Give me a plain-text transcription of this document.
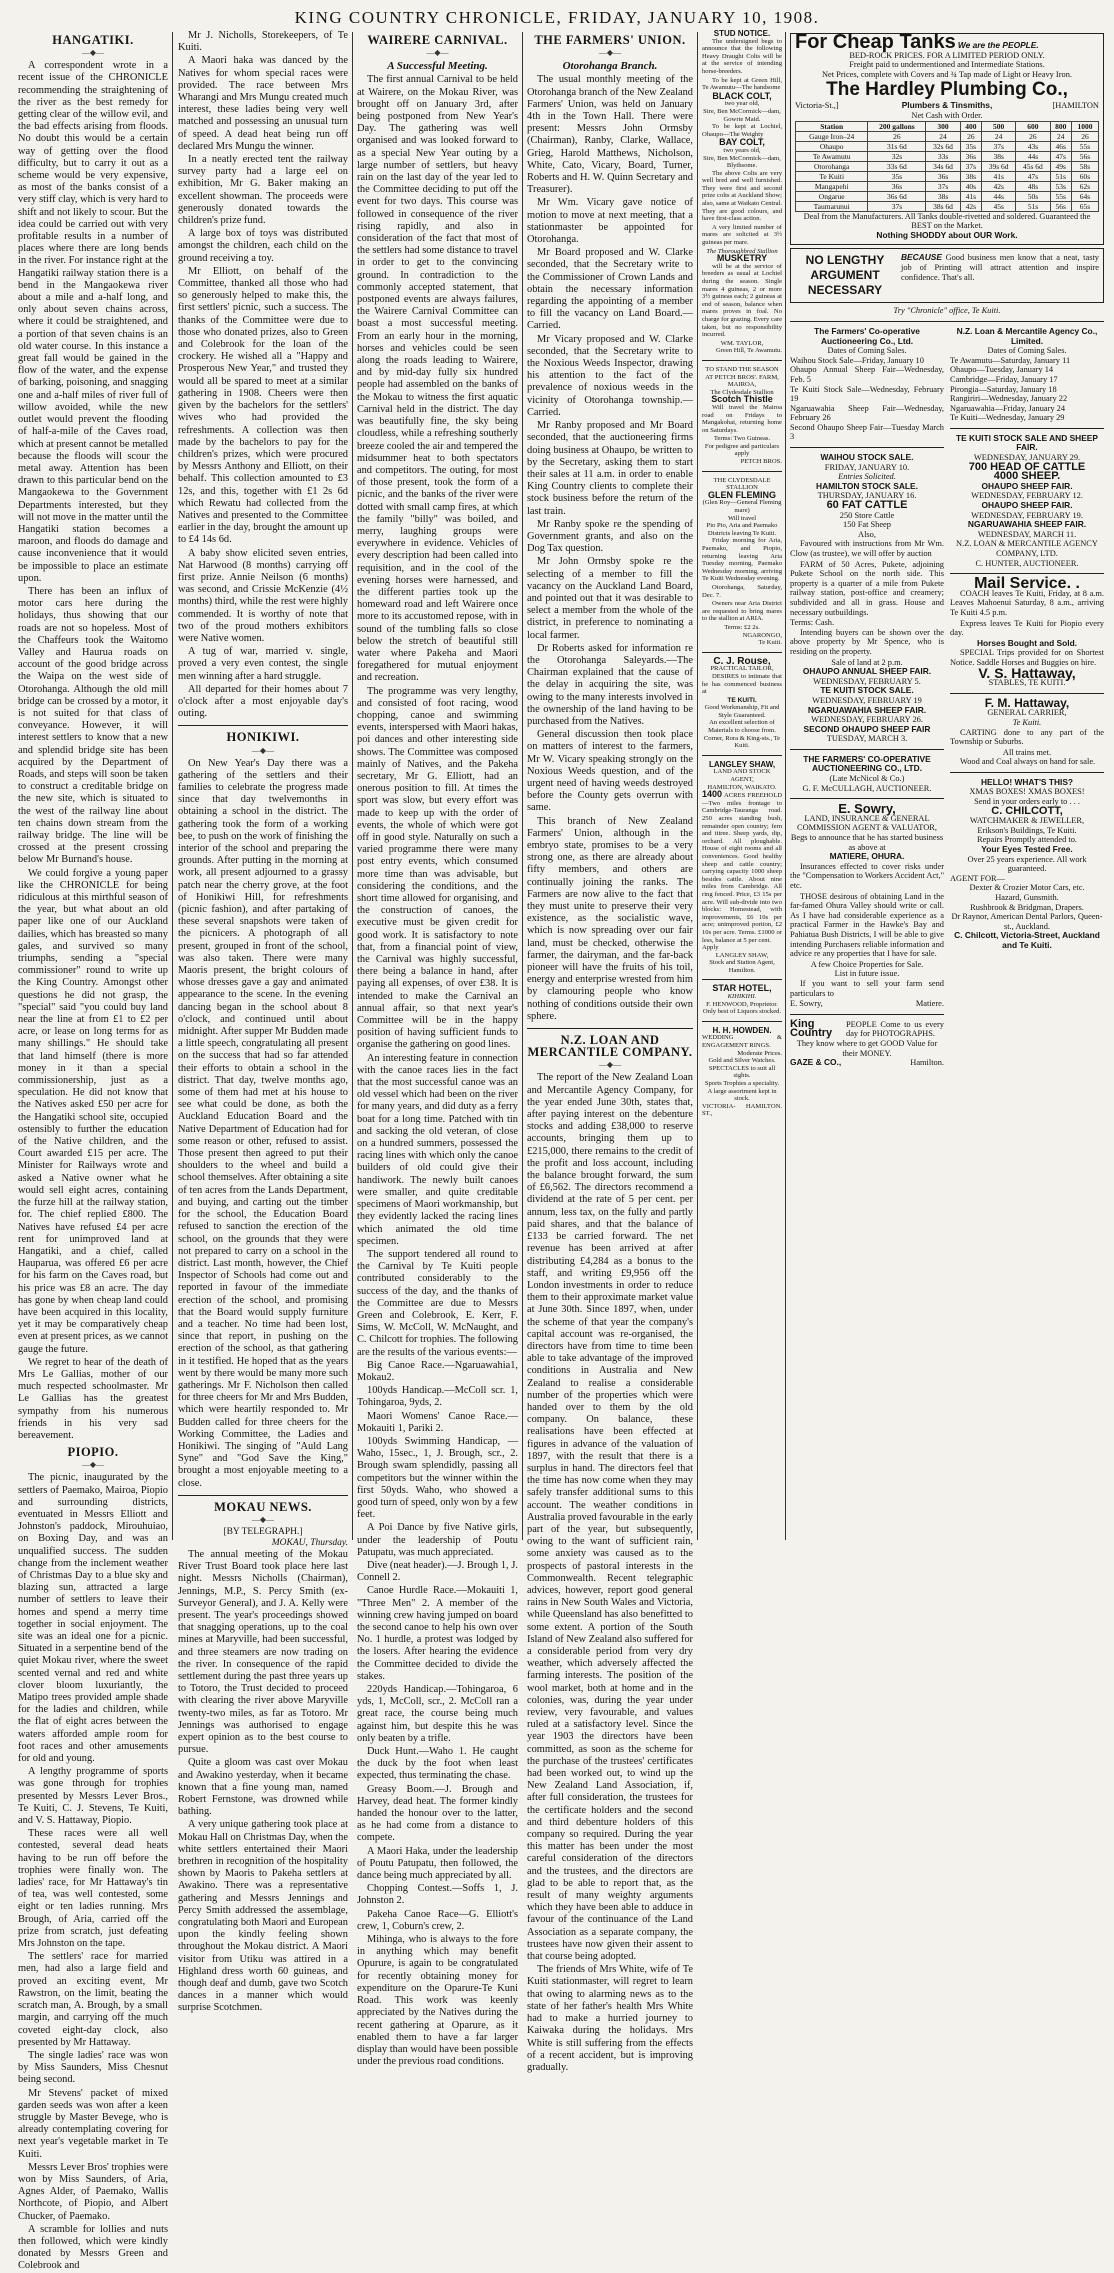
KING COUNTRY CHRONICLE, FRIDAY, JANUARY 10, 1908.
HANGATIKI.
—◆—
A correspondent wrote in a recent issue of the CHRONICLE recommending the straightening of the river as the best remedy for getting clear of the willow evil, and the bad effects arising from floods. No doubt this would be a certain way of getting over the flood difficulty, but to carry it out as a scheme would be very expensive, as most of the banks consist of a very stiff clay, which is very hard to shift and not likely to scour. But the idea could be carried out with very profitable results in a number of places where there are long bends in the river. For instance right at the Hangatiki railway station there is a bend in the Mangaokewa river about a mile and a-half long, and only about seven chains across, where it could be straightened, and a portion of that seven chains is an old water course. In this instance a great fall would be gained in the flow of the water, and the expense of barking, poisoning, and snagging one and a-half miles of river full of willow avoided, while the new outlet would prevent the flooding of half-a-mile of the Caves road, which at present cannot be metalled because the floods will scour the metal away. Attention has been drawn to this particular bend on the Mangaokewa to the Government Departments interested, but they will not move in the matter until the Hangatiki station becomes a maroon, and floods do damage and cause inconvenience that it would be impossible to place an estimate upon.
There has been an influx of motor cars here during the holidays, thus showing that our roads are not so hopeless. Most of the Chaffeurs took the Waitomo Valley and Haurua roads on account of the good bridge across the Waipa on the west side of Otorohanga. Although the old mill bridge can be crossed by a motor, it is not suited for that class of conveyance. However, it will interest settlers to know that a new and splendid bridge site has been acquired by the Department of Roads, and steps will soon be taken to construct a creditable bridge on the new site, which is situated to the west of the railway line about ten chains down stream from the railway bridge. The line will be crossed at the present crossing below Mr Burnand's house.
We could forgive a young paper like the CHRONICLE for being ridiculous at this mirthful season of the year, but what about an old paper like one of our Auckland dailies, which has breasted so many gales, and survived so many triumphs, sending a "special commissioner" round to write up the King Country. Amongst other questions he did not grasp, the "special" said "you could buy land near the line at from £1 to £2 per acre, or lease on long terms for as many shillings." He should take that land himself (there is more money in it than a special commissionership, just as a speculation. He did not know that the Natives asked £50 per acre for the Hangatiki school site, occupied ostensibly to further the education of the Native children, and the Court awarded £15 per acre. The Minister for Railways wrote and asked a Native owner what he would sell eight acres, containing the furze hill at the railway station, for. The chief replied £800. The Natives have refused £4 per acre rent for unimproved land at Hangatiki, and a chief, called Hauparua, was offered £6 per acre for his farm on the Caves road, but his price was £8 an acre. The day has gone by when cheap land could have been acquired in this locality, yet it may be comparatively cheap even at present prices, as we cannot gauge the future.
We regret to hear of the death of Mrs Le Gallias, mother of our much respected schoolmaster. Mr Le Gallias has the greatest sympathy from his numerous friends in his very sad bereavement.
PIOPIO.
—◆—
The picnic, inaugurated by the settlers of Paemako, Mairoa, Piopio and surrounding districts, eventuated in Messrs Elliott and Johnston's paddock, Mirouhuiao, on Boxing Day, and was an unqualified success. The sudden change from the inclement weather of Christmas Day to a blue sky and blazing sun, attracted a large number of settlers to leave their homes and spend a merry time together in social enjoyment. The site was an ideal one for a picnic. Situated in a serpentine bend of the quiet Mokau river, where the sweet scented vernal and red and white clover bloom luxuriantly, the Matipo trees provided ample shade for the ladies and children, while the flat of eight acres between the waters afforded ample room for foot races and other amusements for old and young.
A lengthy programme of sports was gone through for trophies presented by Messrs Lever Bros., Te Kuiti, C. J. Stevens, Te Kuiti, and V. S. Hattaway, Piopio.
These races were all well contested, several dead heats having to be run off before the trophies were finally won. The ladies' race, for Mr Hattaway's tin of tea, was well contested, some eight or ten ladies running. Mrs Brough, of Aria, carried off the prize from scratch, just defeating Mrs Johnston on the tape.
The settlers' race for married men, had also a large field and proved an exciting event, Mr Rawstron, on the limit, beating the scratch man, A. Brough, by a small margin, and carrying off the much coveted eight-day clock, also presented by Mr Hattaway.
The single ladies' race was won by Miss Saunders, Miss Chesnut being second.
Mr Stevens' packet of mixed garden seeds was won after a keen struggle by Master Bevege, who is already contemplating covering for next year's vegetable market in Te Kuiti.
Messrs Lever Bros' trophies were won by Miss Saunders, of Aria, Agnes Alder, of Paemako, Wallis Northcote, of Piopio, and Albert Chucker, of Paemako.
A scramble for lollies and nuts then followed, which were kindly donated by Messrs Green and Colebrook and
Mr J. Nicholls, Storekeepers, of Te Kuiti.
A Maori haka was danced by the Natives for whom special races were provided. The race between Mrs Wharangi and Mrs Mungu created much interest, these ladies being very well matched and possessing an unusual turn of speed. A dead heat being run off declared Mrs Mungu the winner.
In a neatly erected tent the railway survey party had a large eel on exhibition, Mr G. Baker making an excellent showman. The proceeds were generously donated towards the children's prize fund.
A large box of toys was distributed amongst the children, each child on the ground receiving a toy.
Mr Elliott, on behalf of the Committee, thanked all those who had so generously helped to make this, the first settlers' picnic, such a success. The thanks of the Committee were due to those who donated prizes, also to Green and Colebrook for the loan of the crockery. He wished all a "Happy and Prosperous New Year," and trusted they would all be spared to meet at a similar gathering in 1908. Cheers were then given by the bachelors for the settlers' wives who had provided the refreshments. A collection was then made by the bachelors to pay for the children's prizes, which were procured by Messrs Anthony and Elliott, on their behalf. This collection amounted to £3 12s, and this, together with £1 2s 6d which Rewatu had collected from the Natives and presented to the Committee earlier in the day, brought the amount up to £4 14s 6d.
A baby show elicited seven entries, Nat Harwood (8 months) carrying off first prize. Annie Neilson (6 months) was second, and Crissie McKenzie (4½ months) third, while the rest were highly commended. It is worthy of note that two of the proud mothers exhibitors were Native women.
A tug of war, married v. single, proved a very even contest, the single men winning after a hard struggle.
All departed for their homes about 7 o'clock after a most enjoyable day's outing.
HONIKIWI.
—◆—
On New Year's Day there was a gathering of the settlers and their families to celebrate the progress made since that day twelvemonths in obtaining a school in the district. The gathering took the form of a working bee, to push on the work of finishing the interior of the school and preparing the grounds. After putting in the morning at work, all present adjourned to a grassy patch near the cherry grove, at the foot of Honikiwi Hill, for refreshments (picnic fashion), and after partaking of these several snapshots were taken of the picnicers. A photograph of all present, grouped in front of the school, was also taken. There were many Maoris present, the bright colours of whose dresses gave a gay and animated appearance to the scene. In the evening dancing began in the school about 8 o'clock, and continued until about midnight. After supper Mr Budden made a little speech, congratulating all present on the success that had so far attended their efforts to obtain a school in the district. That day, twelve months ago, some of them had met at his house to see what could be done, as both the Auckland Education Board and the Native Department of Education had for some reason or other, refused to assist. Those present then agreed to put their shoulders to the wheel and build a school themselves. After obtaining a site of ten acres from the Lands Department, and buying, and carting out the timber for the school, the Education Board refused to sanction the erection of the school, on the grounds that they were not prepared to carry on a school in the district. Last month, however, the Chief Inspector of Schools had come out and reported in favour of the immediate erection of the school, and promising that the Board would supply furniture and a teacher. No time had been lost, since that report, in pushing on the erection of the school, as that gathering in it testified. He hoped that as the years went by there would be many more such gatherings. Mr F. Nicholson then called for three cheers for Mr and Mrs Budden, which were heartily responded to. Mr Budden called for three cheers for the Working Committee, the Ladies and Honikiwi. The singing of "Auld Lang Syne" and "God Save the King," brought a most enjoyable meeting to a close.
MOKAU NEWS.
—◆—
[BY TELEGRAPH.]
MOKAU, Thursday.
The annual meeting of the Mokau River Trust Board took place here last night. Messrs Nicholls (Chairman), Jennings, M.P., S. Percy Smith (ex-Surveyor General), and J. A. Kelly were present. The year's proceedings showed that snagging operations, up to the coal mines at Maryville, had been successful, and three steamers are now trading on the river. In consequence of the rapid settlement during the past three years up to Totoro, the Trust decided to proceed with clearing the river above Maryville twenty-two miles, as far as Totoro. Mr Jennings was authorised to engage expert opinion as to the best course to pursue.
Quite a gloom was cast over Mokau and Awakino yesterday, when it became known that a fine young man, named Robert Fernstone, was drowned while bathing.
A very unique gathering took place at Mokau Hall on Christmas Day, when the white settlers entertained their Maori brethren in recognition of the hospitality shown by Maoris to Pakeha settlers at Awakino. There was a representative gathering and Messrs Jennings and Percy Smith addressed the assemblage, congratulating both Maori and European upon the kindly feeling shown throughout the Mokau district. A Maori visitor from Utiku was attired in a Highland dress worth 60 guineas, and though deaf and dumb, gave two Scotch dances in a manner which would surprise Scotchmen.
WAIRERE CARNIVAL.
—◆—
A Successful Meeting.
The first annual Carnival to be held at Wairere, on the Mokau River, was brought off on January 3rd, after being postponed from New Year's Day. The gathering was well organised and was looked forward to as a special New Year outing by a large number of settlers, but heavy rain on the last day of the year led to the Committee deciding to put off the event for two days. This course was followed in consequence of the river rising rapidly, and also in consideration of the fact that most of the settlers had some distance to travel in order to get to the convincing ground. In contradiction to the commonly accepted statement, that postponed events are always failures, the Wairere Carnival Committee can boast a most successful meeting. From an early hour in the morning, horses and vehicles could be seen along the roads leading to Wairere, and by mid-day fully six hundred people had assembled on the banks of the Mokau to witness the first aquatic Carnival held in the district. The day was beautifully fine, the sky being cloudless, while a refreshing southerly breeze cooled the air and tempered the midsummer heat to both spectators and competitors. The outing, for most of those present, took the form of a picnic, and the banks of the river were dotted with small camp fires, at which the family "billy" was boiled, and merry, laughing groups were everywhere in evidence. Vehicles of every description had been called into requisition, and in the cool of the evening horses were harnessed, and the different parties took up the homeward road and left Wairere once more to its accustomed repose, with in sound of the tumbling falls so close below the stretch of beautiful still water where Pakeha and Maori foregathered for mutual enjoyment and recreation.
The programme was very lengthy, and consisted of foot racing, wood chopping, canoe and swimming events, interspersed with Maori hakas, poi dances and other interesting side shows. The Committee was composed mainly of Natives, and the Pakeha secretary, Mr G. Elliott, had an onerous position to fill. At times the sport was slow, but every effort was made to keep up with the order of events, the whole of which were got off in good style. Naturally on such a varied programme there were many post entry events, which consumed more time than was advisable, but considering the conditions, and the short time allowed for organising, and the construction of canoes, the executive must be given credit for good work. It is satisfactory to note that, from a financial point of view, the Carnival was highly successful, there being a balance in hand, after paying all expenses, of over £38. It is intended to make the Carnival an annual affair, so that next year's Committee will be in the happy position of having sufficient funds to organise the gathering on good lines.
An interesting feature in connection with the canoe races lies in the fact that the most successful canoe was an old vessel which had been on the river for many years, and did duty as a ferry boat for a long time. Patched with tin and sacking the old veteran, of close on a hundred summers, possessed the racing lines with which only the canoe builders of old could give their handiwork. The newly built canoes were smaller, and quite creditable specimens of Maori workmanship, but they evidently lacked the racing lines which animated the old time specimen.
The support tendered all round to the Carnival by Te Kuiti people contributed considerably to the success of the day, and the thanks of the Committee are due to Messrs Green and Colebrook, E. Kerr, F. Sims, W. McColl, W. McNaught, and C. Chilcott for trophies. The following are the results of the various events:—
Big Canoe Race.—Ngaruawahia1, Mokau2.
100yds Handicap.—McColl scr. 1, Tohingaroa, 9yds, 2.
Maori Womens' Canoe Race.—Mokauiti 1, Pariki 2.
100yds Swimming Handicap, — Waho, 15sec., 1, J. Brough, scr., 2. Brough swam splendidly, passing all competitors but the winner within the first 50yds. Waho, who showed a good turn of speed, only won by a few feet.
A Poi Dance by five Native girls, under the leadership of Poutu Patupatu, was much appreciated.
Dive (neat header).—J. Brough 1, J. Connell 2.
Canoe Hurdle Race.—Mokauiti 1, "Three Men" 2. A member of the winning crew having jumped on board the second canoe to help his own over No. 1 hurdle, a protest was lodged by the losers. After hearing the evidence the Committee decided to divide the stakes.
220yds Handicap.—Tohingaroa, 6 yds, 1, McColl, scr., 2. McColl ran a great race, the course being much against him, but despite this he was only beaten by a trifle.
Duck Hunt.—Waho 1. He caught the duck by the foot when least expected, thus terminating the chase.
Greasy Boom.—J. Brough and Harvey, dead heat. The former kindly handed the honour over to the latter, as he had come from a distance to compete.
A Maori Haka, under the leadership of Poutu Patupatu, then followed, the dance being much appreciated by all.
Chopping Contest.—Soffs 1, J. Johnston 2.
Pakeha Canoe Race—G. Elliott's crew, 1, Coburn's crew, 2.
Mihinga, who is always to the fore in anything which may benefit Opurure, is again to be congratulated for recently obtaining money for expenditure on the Oparure-Te Kuni Road. This work was keenly appreciated by the Natives during the recent gathering at Oparure, as it enabled them to have a far larger display than would have been possible under the previous road conditions.
THE FARMERS' UNION.
—◆—
Otorohanga Branch.
The usual monthly meeting of the Otorohanga branch of the New Zealand Farmers' Union, was held on January 4th in the Town Hall. There were present: Messrs John Ormsby (Chairman), Ranby, Clarke, Wallace, Grieg, Harold Matthews, Nicholson, White, Cato, Vicary, Board, Turner, Roberts and H. W. Quinn Secretary and Treasurer).
Mr Wm. Vicary gave notice of motion to move at next meeting, that a stationmaster be appointed for Otorohanga.
Mr Board proposed and W. Clarke seconded, that the Secretary write to the Commissioner of Crown Lands and obtain the necessary information regarding the appointing of a member to fill the vacancy on Land Board.—Carried.
Mr Vicary proposed and W. Clarke seconded, that the Secretary write to the Noxious Weeds Inspector, drawing his attention to the fact of the prevalence of noxious weeds in the vicinity of Otorohanga township.—Carried.
Mr Ranby proposed and Mr Board seconded, that the auctioneering firms doing business at Ohaupo, be written to by the Secretary, asking them to start their sales at 11 a.m. in order to enable King Country clients to complete their stock business before the return of the last train.
Mr Ranby spoke re the spending of Government grants, and also on the Dog Tax question.
Mr John Ormsby spoke re the selecting of a member to fill the vacancy on the Auckland Land Board, and pointed out that it was desirable to select a member from the whole of the district, in preference to nominating a local farmer.
Dr Roberts asked for information re the Otorohanga Saleyards.—The Chairman explained that the cause of the delay in acquiring the site, was owing to the many interests involved in the ownership of the land having to be purchased from the Natives.
General discussion then took place on matters of interest to the farmers, Mr W. Vicary speaking strongly on the Noxious Weeds question, and of the urgent need of having weeds destroyed before the County gets overrun with same.
This branch of New Zealand Farmers' Union, although in the embryo state, promises to be a very strong one, as there are already about fifty members, and others are continually joining the ranks. The Farmers are now alive to the fact that they must unite to preserve their very existence, as the socialistic wave, which is now spreading over our fair land, must be checked, otherwise the farmer, the dairyman, and the far-back pioneer will have the fruits of his toil, energy and enterprise wrested from him by clamouring people who know nothing of conditions outside their own sphere.
N.Z. LOAN AND MERCANTILE COMPANY.
—◆—
The report of the New Zealand Loan and Mercantile Agency Company, for the year ended June 30th, states that, after paying interest on the debenture stocks and adding £38,000 to reserve accounts, bringing them up to £215,000, there remains to the credit of the profit and loss account, including the balance brought forward, the sum of £6,562. The directors recommend a dividend at the rate of 5 per cent. per annum, less tax, on the fully and partly paid shares, and that the balance of £133 be carried forward. The net revenue has been arrived at after distributing £4,284 as a bonus to the staff, and writing £9,956 off the London investments in order to reduce them to their approximate market value at June 30th. Since 1897, when, under the scheme of that year the company's capital account was re-organised, the directors have from time to time been able to take advantage of the improved conditions in Australia and New Zealand to realise a considerable number of the properties which were handed over to them by the old company. On balance, these realisations have been effected at figures in advance of the valuation of 1897, with the result that there is a surplus in hand. The directors feel that the time has now come when they may safely transfer additional sums to this account. The weather conditions in Australia proved favourable in the early part of the year, but subsequently, owing to the want of sufficient rain, some anxiety was caused as to the prospects of pastoral interests in the Commonwealth. Recent telegraphic advices, however, report good general rains in New South Wales and Victoria, while Queensland has also benefitted to some extent. A portion of the South Island of New Zealand also suffered for a considerable period from very dry weather, which adversely affected the farming interests. The position of the wool market, both at home and in the colonies, was, during the year under review, very favourable, and values ruled at a satisfactory level. Since the year 1903 the directors have been committed, as soon as the scheme for the purchase of the trustees' certificates had been worked out, to wind up the New Zealand Land Association, if, after full consideration, the trustees for the certificate holders and the second and third debenture holders of this company so required. During the year this matter has been under the most careful consideration of the directors and the trustees, and the directors are glad to be able to report that, as the result of many weighty arguments which they have been able to adduce in favour of the continuance of the Land Association as a separate company, the trustees have now given their assent to that course being adopted.
The friends of Mrs White, wife of Te Kuiti stationmaster, will regret to learn that owing to alarming news as to the state of her father's health Mrs White had to make a hurried journey to Kaiwaka during the holidays. Mrs White is still suffering from the effects of a recent accident, but is improving gradually.
STUD NOTICE.
The undersigned begs to announce that the following Heavy Draught Colts will be at the service of intending horse-breeders.
To be kept at Green Hill, Te Awamutu—The handsome
BLACK COLT,
two year old,
Sire, Ben McCormick—dam, Gowrie Maid.
To be kept at Lochiel, Ohaupo—The Weighty
BAY COLT,
two years old,
Sire, Ben McCormick—dam, Blythsome.
The above Colts are very well bred and well furnished. They were first and second prize colts at Auckland Show; also, same at Waikato Central. They are good colours, and have first-class action.
A very limited number of mares are solicited at 3½ guineas per mare.
The Thoroughbred Stallion
MUSKETRY
will be at the service of breeders as usual at Lochiel during the season. Single mares 4 guineas, 2 or more 3½ guineas each; 2 guineas at end of season, balance when mares proves in foal. No charge for grazing. Every care taken, but no responsibility incurred.
WM. TAYLOR,
Green Hill, Te Awamutu.
TO STAND THE SEASON AT PETCH BROS'. FARM, MAIROA,
The Clydesdale Stallion
Scotch Thistle
Will travel the Mairoa road on Fridays to Mangakohai, returning home on Saturdays.
Terms: Two Guineas.
For pedigree and particulars apply
PETCH BROS.
THE CLYDESDALE STALLION
GLEN FLEMING
(Glen Roy—General Fleming mare)
Will travel
Pio Pio, Aria and Paemako Districts leaving Te Kuiti.
Friday morning for Aria, Paemako, and Piopio, returning leaving Aria Tuesday morning, Paemako Wednesday morning, arriving Te Kuiti Wednesday evening.
Otorohanga, Saturday, Dec. 7.
Owners near Aria District are requested to bring mares to the stallion at ARIA.
Terms: £2 2s.
NGARONGO,
Te Kuiti.
C. J. Rouse,
PRACTICAL TAILOR,
DESIRES to intimate that he has commenced business at
TE KUITI.
Good Workmanship, Fit and Style Guaranteed.
An excellent selection of Materials to choose from.
Corner, Rora & King-sts., Te Kuiti.
LANGLEY SHAW,
LAND AND STOCK AGENT,
HAMILTON, WAIKATO.
1400 ACRES FREEHOLD—Two miles frontage to Cambridge-Tauranga road. 250 acres standing bush, remainder open country; fern and titree. Sheep yards, dip, orchard. All ploughable. House of eight rooms and all conveniences. Good healthy sheep and cattle country; carrying capacity 1000 sheep besides cattle. About nine miles from Cambridge. All ring fenced. Price, £3 15s per acre. Will sub-divide into two blocks: Homestead, with improvements, £6 10s per acre; unimproved portion, £2 10s per acre. Terms. £1000 or less, balance at 5 per cent.
Apply
LANGLEY SHAW,
Stock and Station Agent,
Hamilton.
STAR HOTEL,
KIHIKIHI.
F. HENWOOD, Proprietor.
Only best of Liquors stocked.
H. H. HOWDEN.
WEDDING & ENGAGEMENT RINGS.
Moderate Prices.
Gold and Silver Watches.
SPECTACLES to suit all sights.
Sports Trophies a speciality.
A large assortment kept in stock.
VICTORIA-ST.,
HAMILTON.
For Cheap Tanks We are the PEOPLE.
BED-ROCK PRICES. FOR A LIMITED PERIOD ONLY.
Freight paid to undermentioned and Intermediate Stations.
Net Prices, complete with Covers and ¾ Tap made of Light or Heavy Iron.
The Hardley Plumbing Co.,
Victoria-St.,]	Plumbers & Tinsmiths,	[HAMILTON
Net Cash with Order.
Station	200 gallons	300	400	500	600	800	1000
Gauge Iron–24	26	24	26	24	26	24	26
Ohaupo	31s 6d	32s 6d	35s	37s	43s	46s	55s
Te Awamutu	32s	33s	36s	38s	44s	47s	56s
Otorohanga	33s 6d	34s 6d	37s	39s 6d	45s 6d	49s	58s
Te Kuiti	35s	36s	38s	41s	47s	51s	60s
Mangapehi	36s	37s	40s	42s	48s	53s	62s
Ongarue	36s 6d	38s	41s	44s	50s	55s	64s
Taumarunui	37s	38s 6d	42s	45s	51s	56s	65s
Deal from the Manufacturers. All Tanks double-rivetted and soldered. Guaranteed the BEST on the Market.
Nothing SHODDY about OUR Work.
NO LENGTHY ARGUMENT NECESSARY
BECAUSE Good business men know that a neat, tasty job of Printing will attract attention and inspire confidence. That's all.
Try "Chronicle" office, Te Kuiti.
The Farmers' Co-operative Auctioneering Co., Ltd.
Dates of Coming Sales.
Waihou Stock Sale—Friday, January 10
Ohaupo Annual Sheep Fair—Wednesday, Feb. 5
Te Kuiti Stock Sale—Wednesday, February 19
Ngaruawahia Sheep Fair—Wednesday, February 26
Second Ohaupo Sheep Fair—Tuesday March 3
WAIHOU STOCK SALE.
FRIDAY, JANUARY 10.
Entries Solicited.
HAMILTON STOCK SALE.
THURSDAY, JANUARY 16.
60 FAT CATTLE
250 Store Cattle
150 Fat Sheep
Also,
Favoured with instructions from Mr Wm. Clow (as trustee), we will offer by auction
FARM of 50 Acres, Pukete, adjoining Pukete School on the north side. This property is a quarter of a mile from Pukete railway station, post-office and creamery; subdivided and all in grass. House and necessary outbuildings.
Terms: Cash.
Intending buyers can be shown over the above property by Mr Spence, who is residing on the property.
Sale of land at 2 p.m.
OHAUPO ANNUAL SHEEP FAIR.
WEDNESDAY, FEBRUARY 5.
TE KUITI STOCK SALE.
WEDNESDAY, FEBRUARY 19
NGARUAWAHIA SHEEP FAIR.
WEDNESDAY, FEBRUARY 26.
SECOND OHAUPO SHEEP FAIR
TUESDAY, MARCH 3.
THE FARMERS' CO-OPERATIVE AUCTIONEERING CO., LTD.
(Late McNicol & Co.)
G. F. McCULLAGH, AUCTIONEER.
E. Sowry,
LAND, INSURANCE & GENERAL COMMISSION AGENT & VALUATOR,
Begs to announce that he has started business as above at
MATIERE, OHURA.
Insurances effected to cover risks under the "Compensation to Workers Accident Act," etc.
THOSE desirous of obtaining Land in the far-famed Ohura Valley should write or call. As I have had considerable experience as a practical Farmer in the Hawke's Bay and Pahiatua Bush Districts, I will be able to give intending Purchasers reliable information and advice re any properties that I have for sale.
A few Choice Properties for Sale.
List in future issue.
If you want to sell your farm send particulars to
E. Sowry,	Matiere.
King Country
PEOPLE Come to us every day for PHOTOGRAPHS.
They know where to get GOOD Value for their MONEY.
GAZE & CO.,	Hamilton.
N.Z. Loan & Mercantile Agency Co., Limited.
Dates of Coming Sales.
Te Awamutu—Saturday, January 11
Ohaupo—Tuesday, January 14
Cambridge—Friday, January 17
Pirongia—Saturday, January 18
Rangiriri—Wednesday, January 22
Ngaruawahia—Friday, January 24
Te Kuiti—Wednesday, January 29
TE KUITI STOCK SALE AND SHEEP FAIR.
WEDNESDAY, JANUARY 29.
700 HEAD OF CATTLE
4000 SHEEP.
OHAUPO SHEEP FAIR.
WEDNESDAY, FEBRUARY 12.
OHAUPO SHEEP FAIR.
WEDNESDAY, FEBRUARY 19.
NGARUAWAHIA SHEEP FAIR.
WEDNESDAY, MARCH 11.
N.Z. LOAN & MERCANTILE AGENCY COMPANY, LTD.
C. HUNTER, AUCTIONEER.
Mail Service. .
COACH leaves Te Kuiti, Friday, at 8 a.m. Leaves Mahoenui Saturday, 8 a.m., arriving Te Kuiti 4.5 p.m.
Express leaves Te Kuiti for Piopio every day.
Horses Bought and Sold.
SPECIAL Trips provided for on Shortest Notice. Saddle Horses and Buggies on hire.
V. S. Hattaway,
STABLES, TE KUITI.
F. M. Hattaway,
GENERAL CARRIER,
Te Kuiti.
CARTING done to any part of the Township or Suburbs.
All trains met.
Wood and Coal always on hand for sale.
HELLO! WHAT'S THIS?
XMAS BOXES! XMAS BOXES!
Send in your orders early to . . .
C. CHILCOTT,
WATCHMAKER & JEWELLER,
Erikson's Buildings, Te Kuiti.
Repairs Promptly attended to.
Your Eyes Tested Free.
Over 25 years experience. All work guaranteed.
AGENT FOR—
Dexter & Crozier Motor Cars, etc.
Hazard, Gunsmith.
Rushbrook & Bridgman, Drapers.
Dr Raynor, American Dental Parlors, Queen-st., Auckland.
C. Chilcott, Victoria-Street, Auckland and Te Kuiti.
